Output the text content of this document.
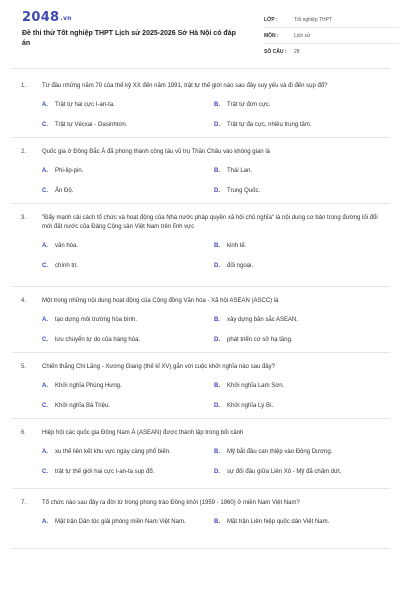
2048.vn
Đề thi thử Tốt nghiệp THPT Lịch sử 2025-2026 Sở Hà Nội có đáp án
LỚP :	Tốt nghiệp THPT
MÔN :	Lịch sử
SỐ CÂU :	28
1.	Từ đầu những năm 70 của thế kỷ XX đến năm 1991, trật tự thế giới nào sau đây suy yếu và đi đến sụp đổ?
A.	Trật tự hai cực I-an-ta.	B.	Trật tự đơn cực.
C.	Trật tự Vécxai - Oasinhtơn.	D.	Trật tự đa cực, nhiều trung tâm.
2.	Quốc gia ở Đông Bắc Á đã phóng thành công tàu vũ trụ Thần Châu vào không gian là
A.	Phi-lip-pin.	B.	Thái Lan.
C.	Ấn Độ.	D.	Trung Quốc.
3.	"Đẩy mạnh cải cách tổ chức và hoạt động của Nhà nước pháp quyền xã hội chủ nghĩa" là nội dung cơ bản trong đường lối đổi mới đất nước của Đảng Cộng sản Việt Nam trên lĩnh vực
A.	văn hóa.	B.	kinh tế.
C.	chính trị.	D.	đối ngoại.
4.	Một trong những nội dung hoạt động của Cộng đồng Văn hóa - Xã hội ASEAN (ASCC) là
A.	tạo dựng môi trường hòa bình.	B.	xây dựng bản sắc ASEAN.
C.	lưu chuyển tự do của hàng hóa.	D.	phát triển cơ sở hạ tầng.
5.	Chiến thắng Chi Lăng - Xương Giang (thế kỉ XV) gắn với cuộc khởi nghĩa nào sau đây?
A.	Khởi nghĩa Phùng Hưng.	B.	Khởi nghĩa Lam Sơn.
C.	Khởi nghĩa Bà Triệu.	D.	Khởi nghĩa Lý Bí.
6.	Hiệp hội các quốc gia Đông Nam Á (ASEAN) được thành lập trong bối cảnh
A.	xu thế liên kết khu vực ngày càng phổ biến.	B.	Mỹ bắt đầu can thiệp vào Đông Dương.
C.	trật tự thế giới hai cực I-an-ta sụp đổ.	D.	sự đối đầu giữa Liên Xô - Mỹ đã chấm dứt.
7.	Tổ chức nào sau đây ra đời từ trong phong trào Đồng khởi (1959 - 1960) ở miền Nam Việt Nam?
A.	Mặt trận Dân tộc giải phóng miền Nam Việt Nam.	B.	Mặt trận Liên hiệp quốc dân Việt Nam.
